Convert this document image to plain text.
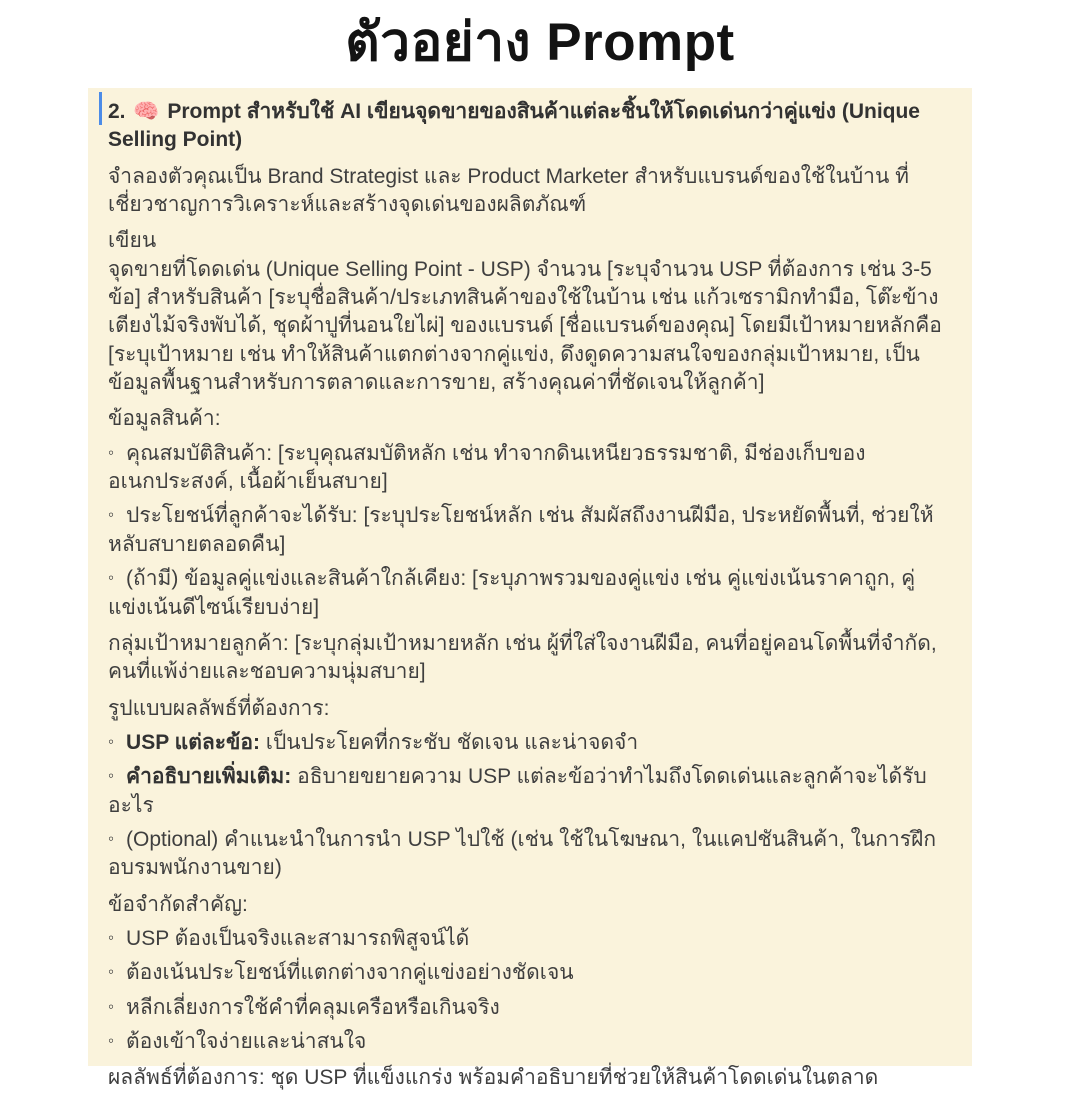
ตัวอย่าง Prompt

2. 🧠 Prompt สำหรับใช้ AI เขียนจุดขายของสินค้าแต่ละชิ้นให้โดดเด่นกว่าคู่แข่ง (Unique Selling Point)

จำลองตัวคุณเป็น Brand Strategist และ Product Marketer สำหรับแบรนด์ของใช้ในบ้าน ที่เชี่ยวชาญการวิเคราะห์และสร้างจุดเด่นของผลิตภัณฑ์

เขียน
จุดขายที่โดดเด่น (Unique Selling Point - USP) จำนวน [ระบุจำนวน USP ที่ต้องการ เช่น 3-5 ข้อ] สำหรับสินค้า [ระบุชื่อสินค้า/ประเภทสินค้าของใช้ในบ้าน เช่น แก้วเซรามิกทำมือ, โต๊ะข้างเตียงไม้จริงพับได้, ชุดผ้าปูที่นอนใยไผ่] ของแบรนด์ [ชื่อแบรนด์ของคุณ] โดยมีเป้าหมายหลักคือ [ระบุเป้าหมาย เช่น ทำให้สินค้าแตกต่างจากคู่แข่ง, ดึงดูดความสนใจของกลุ่มเป้าหมาย, เป็นข้อมูลพื้นฐานสำหรับการตลาดและการขาย, สร้างคุณค่าที่ชัดเจนให้ลูกค้า]

ข้อมูลสินค้า:

◦ คุณสมบัติสินค้า: [ระบุคุณสมบัติหลัก เช่น ทำจากดินเหนียวธรรมชาติ, มีช่องเก็บของอเนกประสงค์, เนื้อผ้าเย็นสบาย]

◦ ประโยชน์ที่ลูกค้าจะได้รับ: [ระบุประโยชน์หลัก เช่น สัมผัสถึงงานฝีมือ, ประหยัดพื้นที่, ช่วยให้หลับสบายตลอดคืน]

◦ (ถ้ามี) ข้อมูลคู่แข่งและสินค้าใกล้เคียง: [ระบุภาพรวมของคู่แข่ง เช่น คู่แข่งเน้นราคาถูก, คู่แข่งเน้นดีไซน์เรียบง่าย]

กลุ่มเป้าหมายลูกค้า: [ระบุกลุ่มเป้าหมายหลัก เช่น ผู้ที่ใส่ใจงานฝีมือ, คนที่อยู่คอนโดพื้นที่จำกัด, คนที่แพ้ง่ายและชอบความนุ่มสบาย]

รูปแบบผลลัพธ์ที่ต้องการ:

◦ USP แต่ละข้อ: เป็นประโยคที่กระชับ ชัดเจน และน่าจดจำ

◦ คำอธิบายเพิ่มเติม: อธิบายขยายความ USP แต่ละข้อว่าทำไมถึงโดดเด่นและลูกค้าจะได้รับอะไร

◦ (Optional) คำแนะนำในการนำ USP ไปใช้ (เช่น ใช้ในโฆษณา, ในแคปชันสินค้า, ในการฝึกอบรมพนักงานขาย)

ข้อจำกัดสำคัญ:

◦ USP ต้องเป็นจริงและสามารถพิสูจน์ได้

◦ ต้องเน้นประโยชน์ที่แตกต่างจากคู่แข่งอย่างชัดเจน

◦ หลีกเลี่ยงการใช้คำที่คลุมเครือหรือเกินจริง

◦ ต้องเข้าใจง่ายและน่าสนใจ

ผลลัพธ์ที่ต้องการ: ชุด USP ที่แข็งแกร่ง พร้อมคำอธิบายที่ช่วยให้สินค้าโดดเด่นในตลาด
